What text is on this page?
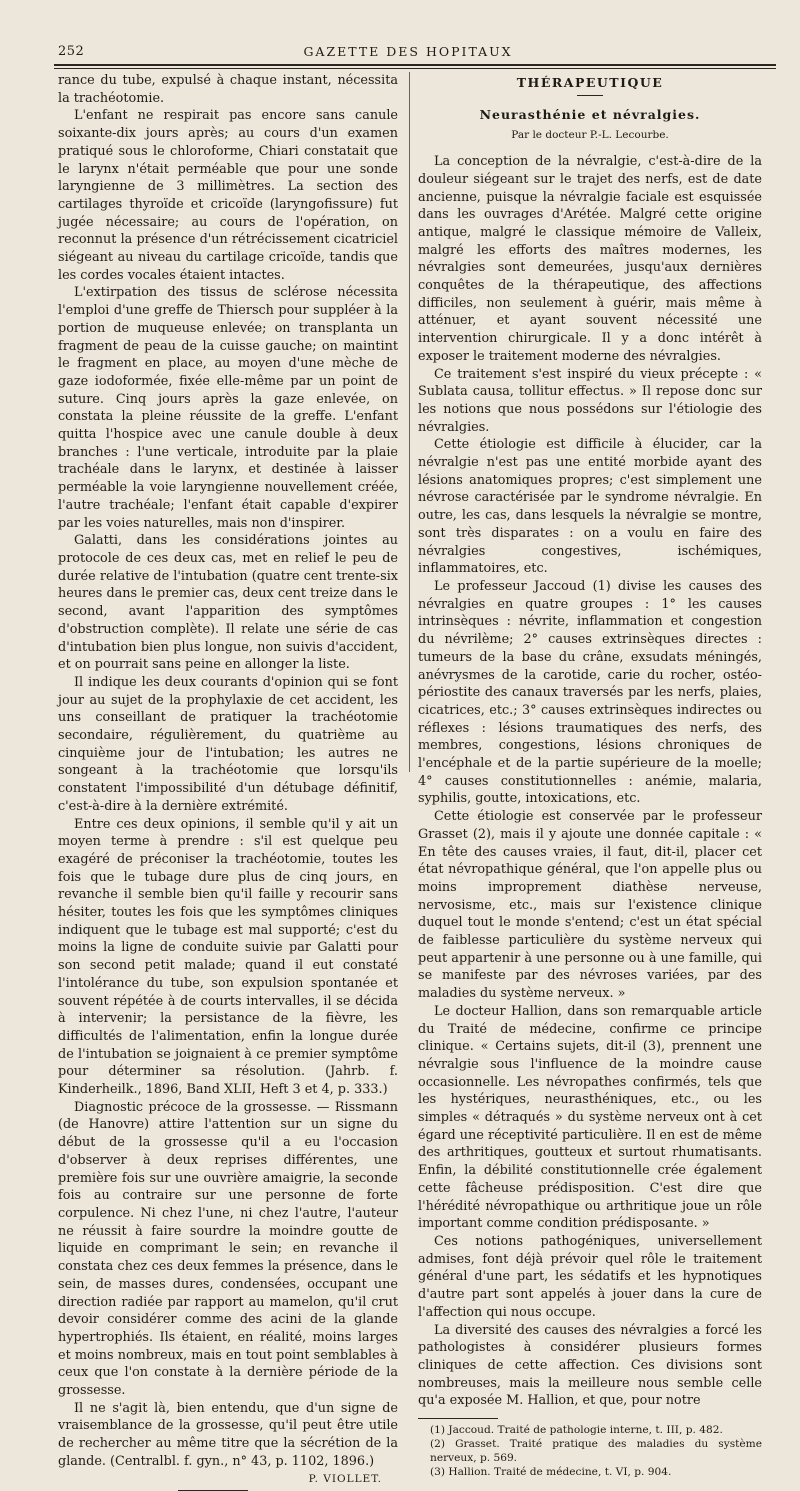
252	GAZETTE DES HOPITAUX

rance du tube, expulsé à chaque instant, nécessita la trachéotomie.

L'enfant ne respirait pas encore sans canule soixante-dix jours après; au cours d'un examen pratiqué sous le chloroforme, Chiari constatait que le larynx n'était perméable que pour une sonde laryngienne de 3 millimètres. La section des cartilages thyroïde et cricoïde (laryngofissure) fut jugée nécessaire; au cours de l'opération, on reconnut la présence d'un rétrécissement cicatriciel siégeant au niveau du cartilage cricoïde, tandis que les cordes vocales étaient intactes.

L'extirpation des tissus de sclérose nécessita l'emploi d'une greffe de Thiersch pour suppléer à la portion de muqueuse enlevée; on transplanta un fragment de peau de la cuisse gauche; on maintint le fragment en place, au moyen d'une mèche de gaze iodoformée, fixée elle-même par un point de suture. Cinq jours après la gaze enlevée, on constata la pleine réussite de la greffe. L'enfant quitta l'hospice avec une canule double à deux branches : l'une verticale, introduite par la plaie trachéale dans le larynx, et destinée à laisser perméable la voie laryngienne nouvellement créée, l'autre trachéale; l'enfant était capable d'expirer par les voies naturelles, mais non d'inspirer.

Galatti, dans les considérations jointes au protocole de ces deux cas, met en relief le peu de durée relative de l'intubation (quatre cent trente-six heures dans le premier cas, deux cent treize dans le second, avant l'apparition des symptômes d'obstruction complète). Il relate une série de cas d'intubation bien plus longue, non suivis d'accident, et on pourrait sans peine en allonger la liste.

Il indique les deux courants d'opinion qui se font jour au sujet de la prophylaxie de cet accident, les uns conseillant de pratiquer la trachéotomie secondaire, régulièrement, du quatrième au cinquième jour de l'intubation; les autres ne songeant à la trachéotomie que lorsqu'ils constatent l'impossibilité d'un détubage définitif, c'est-à-dire à la dernière extrémité.

Entre ces deux opinions, il semble qu'il y ait un moyen terme à prendre : s'il est quelque peu exagéré de préconiser la trachéotomie, toutes les fois que le tubage dure plus de cinq jours, en revanche il semble bien qu'il faille y recourir sans hésiter, toutes les fois que les symptômes cliniques indiquent que le tubage est mal supporté; c'est du moins la ligne de conduite suivie par Galatti pour son second petit malade; quand il eut constaté l'intolérance du tube, son expulsion spontanée et souvent répétée à de courts intervalles, il se décida à intervenir; la persistance de la fièvre, les difficultés de l'alimentation, enfin la longue durée de l'intubation se joignaient à ce premier symptôme pour déterminer sa résolution. (Jahrb. f. Kinderheilk., 1896, Band XLII, Heft 3 et 4, p. 333.)

Diagnostic précoce de la grossesse. — Rissmann (de Hanovre) attire l'attention sur un signe du début de la grossesse qu'il a eu l'occasion d'observer à deux reprises différentes, une première fois sur une ouvrière amaigrie, la seconde fois au contraire sur une personne de forte corpulence. Ni chez l'une, ni chez l'autre, l'auteur ne réussit à faire sourdre la moindre goutte de liquide en comprimant le sein; en revanche il constata chez ces deux femmes la présence, dans le sein, de masses dures, condensées, occupant une direction radiée par rapport au mamelon, qu'il crut devoir considérer comme des acini de la glande hypertrophiés. Ils étaient, en réalité, moins larges et moins nombreux, mais en tout point semblables à ceux que l'on constate à la dernière période de la grossesse.

Il ne s'agit là, bien entendu, que d'un signe de vraisemblance de la grossesse, qu'il peut être utile de rechercher au même titre que la sécrétion de la glande. (Centralbl. f. gyn., n° 43, p. 1102, 1896.)

P. VIOLLET.
THÉRAPEUTIQUE
Neurasthénie et névralgies.
Par le docteur P.-L. Lecourbe.

La conception de la névralgie, c'est-à-dire de la douleur siégeant sur le trajet des nerfs, est de date ancienne, puisque la névralgie faciale est esquissée dans les ouvrages d'Arétée. Malgré cette origine antique, malgré le classique mémoire de Valleix, malgré les efforts des maîtres modernes, les névralgies sont demeurées, jusqu'aux dernières conquêtes de la thérapeutique, des affections difficiles, non seulement à guérir, mais même à atténuer, et ayant souvent nécessité une intervention chirurgicale. Il y a donc intérêt à exposer le traitement moderne des névralgies.

Ce traitement s'est inspiré du vieux précepte : « Sublata causa, tollitur effectus. » Il repose donc sur les notions que nous possédons sur l'étiologie des névralgies.

Cette étiologie est difficile à élucider, car la névralgie n'est pas une entité morbide ayant des lésions anatomiques propres; c'est simplement une névrose caractérisée par le syndrome névralgie. En outre, les cas, dans lesquels la névralgie se montre, sont très disparates : on a voulu en faire des névralgies congestives, ischémiques, inflammatoires, etc.

Le professeur Jaccoud (1) divise les causes des névralgies en quatre groupes : 1° les causes intrinsèques : névrite, inflammation et congestion du névrilème; 2° causes extrinsèques directes : tumeurs de la base du crâne, exsudats méningés, anévrysmes de la carotide, carie du rocher, ostéo-périostite des canaux traversés par les nerfs, plaies, cicatrices, etc.; 3° causes extrinsèques indirectes ou réflexes : lésions traumatiques des nerfs, des membres, congestions, lésions chroniques de l'encéphale et de la partie supérieure de la moelle; 4° causes constitutionnelles : anémie, malaria, syphilis, goutte, intoxications, etc.

Cette étiologie est conservée par le professeur Grasset (2), mais il y ajoute une donnée capitale : « En tête des causes vraies, il faut, dit-il, placer cet état névropathique général, que l'on appelle plus ou moins improprement diathèse nerveuse, nervosisme, etc., mais sur l'existence clinique duquel tout le monde s'entend; c'est un état spécial de faiblesse particulière du système nerveux qui peut appartenir à une personne ou à une famille, qui se manifeste par des névroses variées, par des maladies du système nerveux. »

Le docteur Hallion, dans son remarquable article du Traité de médecine, confirme ce principe clinique. « Certains sujets, dit-il (3), prennent une névralgie sous l'influence de la moindre cause occasionnelle. Les névropathes confirmés, tels que les hystériques, neurasthéniques, etc., ou les simples « détraqués » du système nerveux ont à cet égard une réceptivité particulière. Il en est de même des arthritiques, goutteux et surtout rhumatisants. Enfin, la débilité constitutionnelle crée également cette fâcheuse prédisposition. C'est dire que l'hérédité névropathique ou arthritique joue un rôle important comme condition prédisposante. »

Ces notions pathogéniques, universellement admises, font déjà prévoir quel rôle le traitement général d'une part, les sédatifs et les hypnotiques d'autre part sont appelés à jouer dans la cure de l'affection qui nous occupe.

La diversité des causes des névralgies a forcé les pathologistes à considérer plusieurs formes cliniques de cette affection. Ces divisions sont nombreuses, mais la meilleure nous semble celle qu'a exposée M. Hallion, et que, pour notre

(1) Jaccoud. Traité de pathologie interne, t. III, p. 482.

(2) Grasset. Traité pratique des maladies du système nerveux, p. 569.

(3) Hallion. Traité de médecine, t. VI, p. 904.
